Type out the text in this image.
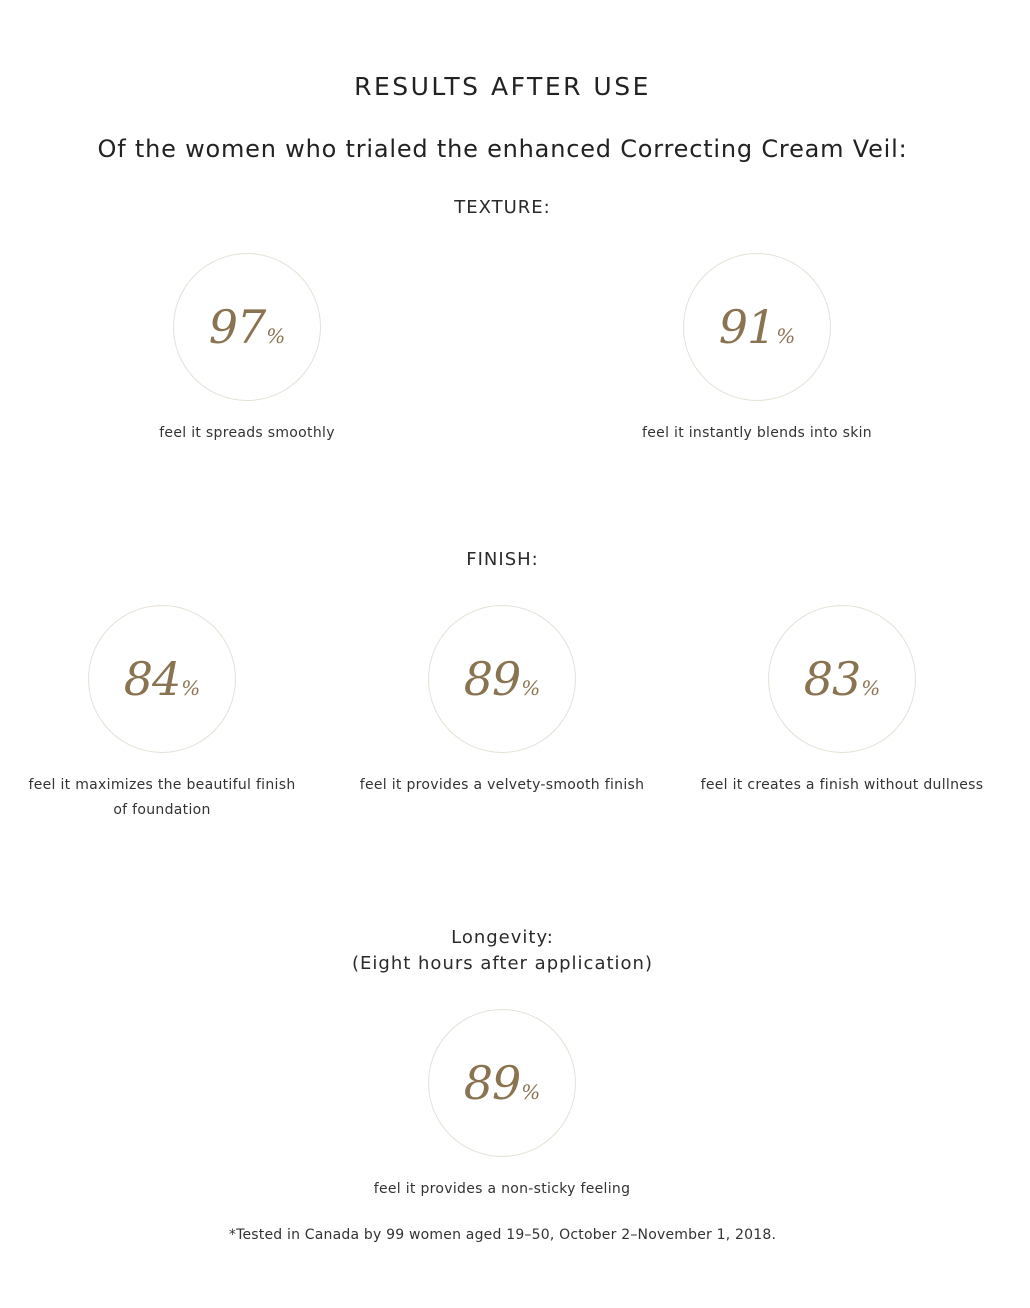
RESULTS AFTER USE
Of the women who trialed the enhanced Correcting Cream Veil:
TEXTURE:
97%
feel it spreads smoothly
91%
feel it instantly blends into skin
FINISH:
84%
feel it maximizes the beautiful finish of foundation
89%
feel it provides a velvety-smooth finish
83%
feel it creates a finish without dullness
Longevity:
(Eight hours after application)
89%
feel it provides a non-sticky feeling
*Tested in Canada by 99 women aged 19–50, October 2–November 1, 2018.
